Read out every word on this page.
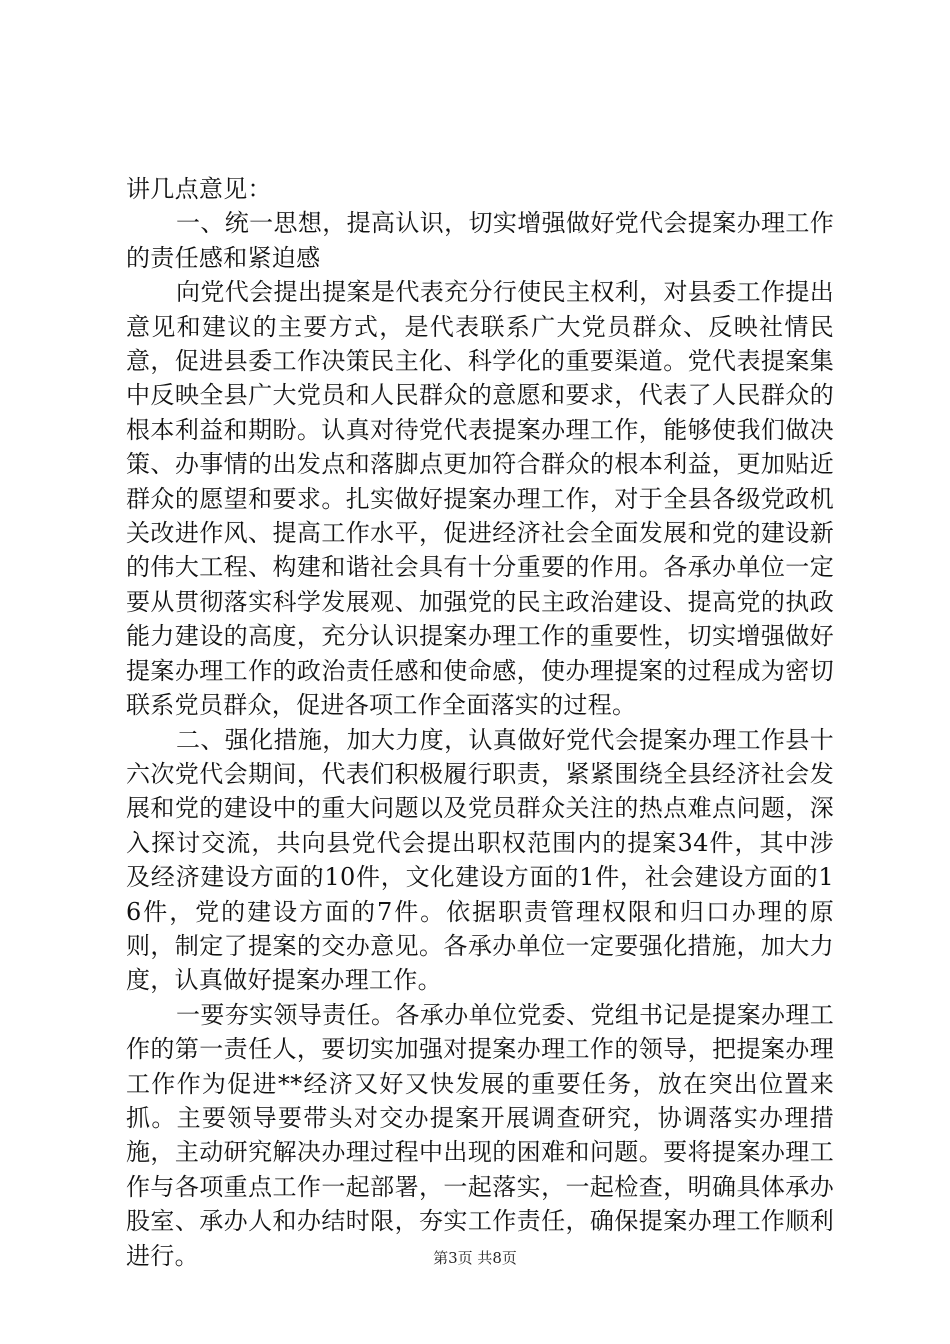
讲几点意见：

一、统一思想，提高认识，切实增强做好党代会提案办理工作的责任感和紧迫感

向党代会提出提案是代表充分行使民主权利，对县委工作提出意见和建议的主要方式，是代表联系广大党员群众、反映社情民意，促进县委工作决策民主化、科学化的重要渠道。党代表提案集中反映全县广大党员和人民群众的意愿和要求，代表了人民群众的根本利益和期盼。认真对待党代表提案办理工作，能够使我们做决策、办事情的出发点和落脚点更加符合群众的根本利益，更加贴近群众的愿望和要求。扎实做好提案办理工作，对于全县各级党政机关改进作风、提高工作水平，促进经济社会全面发展和党的建设新的伟大工程、构建和谐社会具有十分重要的作用。各承办单位一定要从贯彻落实科学发展观、加强党的民主政治建设、提高党的执政能力建设的高度，充分认识提案办理工作的重要性，切实增强做好提案办理工作的政治责任感和使命感，使办理提案的过程成为密切联系党员群众，促进各项工作全面落实的过程。

二、强化措施，加大力度，认真做好党代会提案办理工作县十六次党代会期间，代表们积极履行职责，紧紧围绕全县经济社会发展和党的建设中的重大问题以及党员群众关注的热点难点问题，深入探讨交流，共向县党代会提出职权范围内的提案34件，其中涉及经济建设方面的10件，文化建设方面的1件，社会建设方面的16件，党的建设方面的7件。依据职责管理权限和归口办理的原则，制定了提案的交办意见。各承办单位一定要强化措施，加大力度，认真做好提案办理工作。

一要夯实领导责任。各承办单位党委、党组书记是提案办理工作的第一责任人，要切实加强对提案办理工作的领导，把提案办理工作作为促进**经济又好又快发展的重要任务，放在突出位置来抓。主要领导要带头对交办提案开展调查研究，协调落实办理措施，主动研究解决办理过程中出现的困难和问题。要将提案办理工作与各项重点工作一起部署，一起落实，一起检查，明确具体承办股室、承办人和办结时限，夯实工作责任，确保提案办理工作顺利进行。	第3页 共8页
